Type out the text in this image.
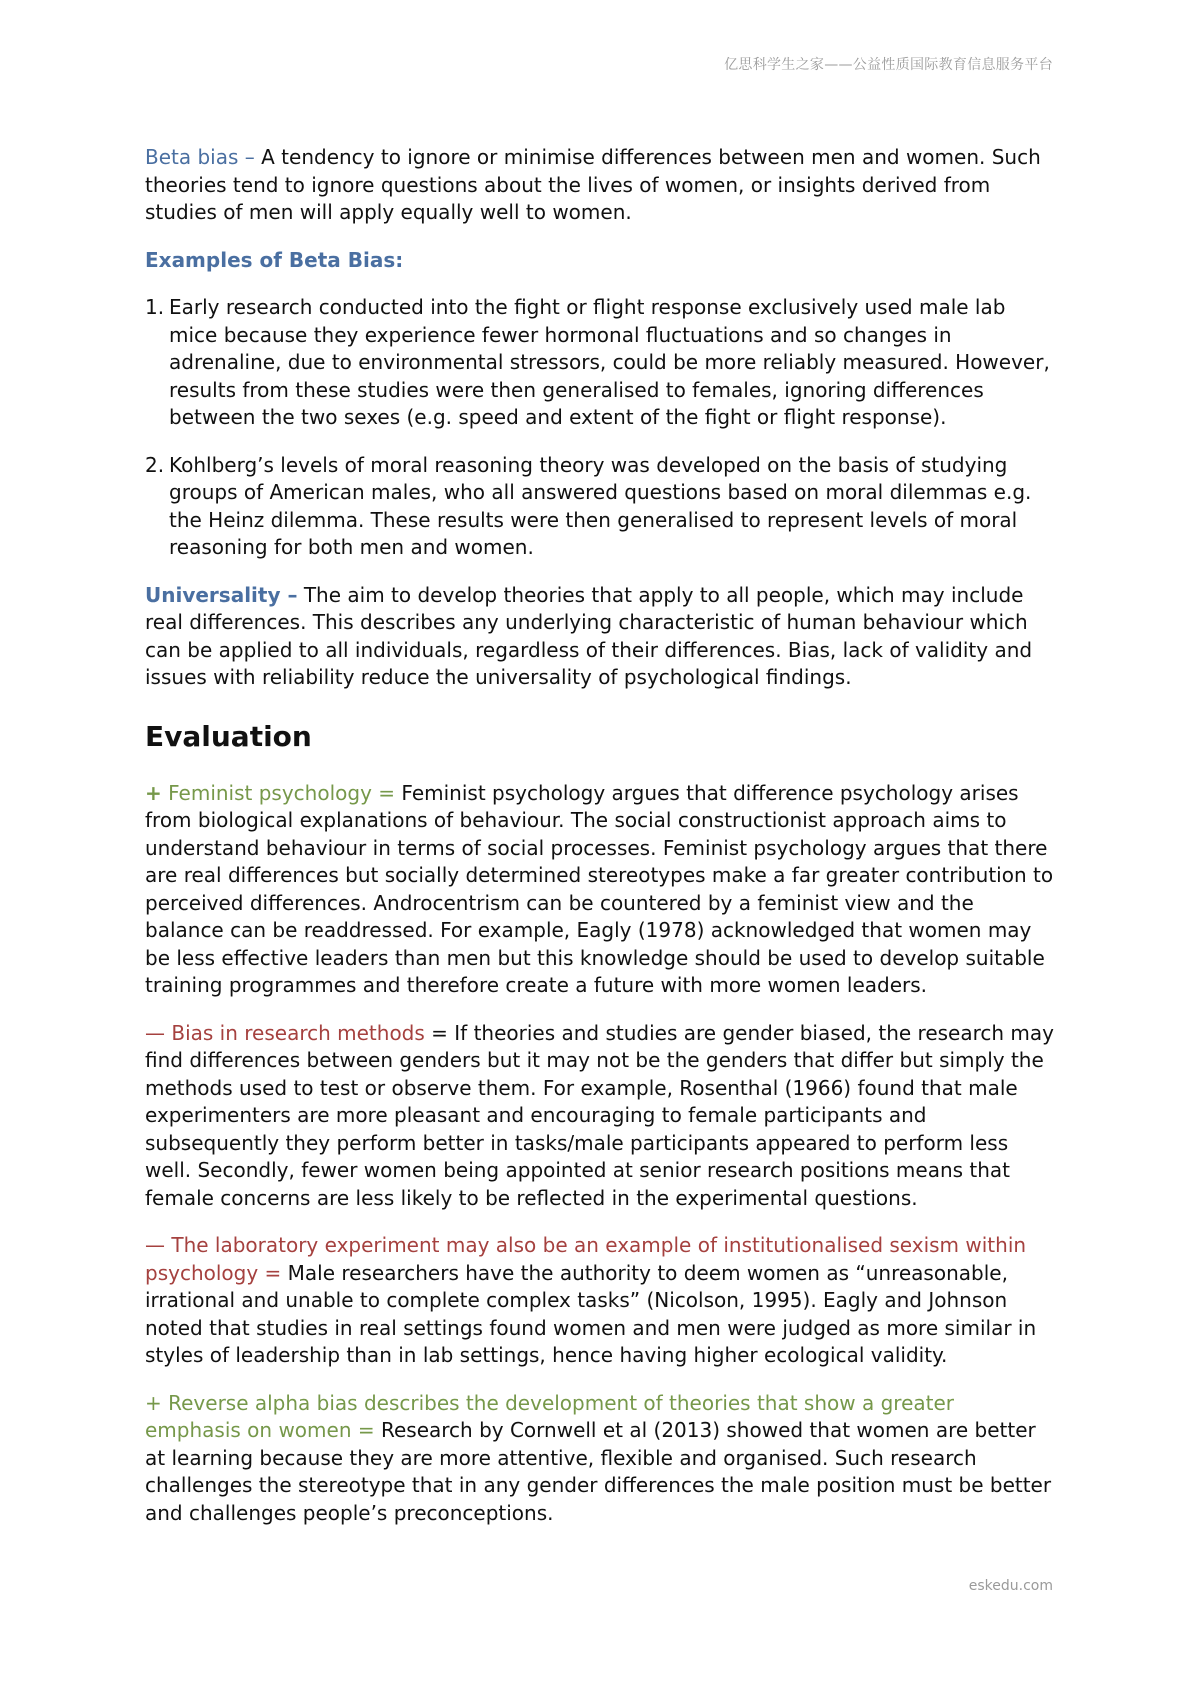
亿思科学生之家——公益性质国际教育信息服务平台

Beta bias – A tendency to ignore or minimise differences between men and women. Such theories tend to ignore questions about the lives of women, or insights derived from studies of men will apply equally well to women.

Examples of Beta Bias:

1. Early research conducted into the fight or flight response exclusively used male lab mice because they experience fewer hormonal fluctuations and so changes in adrenaline, due to environmental stressors, could be more reliably measured. However, results from these studies were then generalised to females, ignoring differences between the two sexes (e.g. speed and extent of the fight or flight response).
2. Kohlberg’s levels of moral reasoning theory was developed on the basis of studying groups of American males, who all answered questions based on moral dilemmas e.g. the Heinz dilemma. These results were then generalised to represent levels of moral reasoning for both men and women.

Universality – The aim to develop theories that apply to all people, which may include real differences. This describes any underlying characteristic of human behaviour which can be applied to all individuals, regardless of their differences. Bias, lack of validity and issues with reliability reduce the universality of psychological findings.

Evaluation

+ Feminist psychology = Feminist psychology argues that difference psychology arises from biological explanations of behaviour. The social constructionist approach aims to understand behaviour in terms of social processes. Feminist psychology argues that there are real differences but socially determined stereotypes make a far greater contribution to perceived differences. Androcentrism can be countered by a feminist view and the balance can be readdressed. For example, Eagly (1978) acknowledged that women may be less effective leaders than men but this knowledge should be used to develop suitable training programmes and therefore create a future with more women leaders.

— Bias in research methods = If theories and studies are gender biased, the research may find differences between genders but it may not be the genders that differ but simply the methods used to test or observe them. For example, Rosenthal (1966) found that male experimenters are more pleasant and encouraging to female participants and subsequently they perform better in tasks/male participants appeared to perform less well. Secondly, fewer women being appointed at senior research positions means that female concerns are less likely to be reflected in the experimental questions.

— The laboratory experiment may also be an example of institutionalised sexism within psychology = Male researchers have the authority to deem women as “unreasonable, irrational and unable to complete complex tasks” (Nicolson, 1995). Eagly and Johnson noted that studies in real settings found women and men were judged as more similar in styles of leadership than in lab settings, hence having higher ecological validity.

+ Reverse alpha bias describes the development of theories that show a greater emphasis on women = Research by Cornwell et al (2013) showed that women are better at learning because they are more attentive, flexible and organised. Such research challenges the stereotype that in any gender differences the male position must be better and challenges people’s preconceptions.

eskedu.com
